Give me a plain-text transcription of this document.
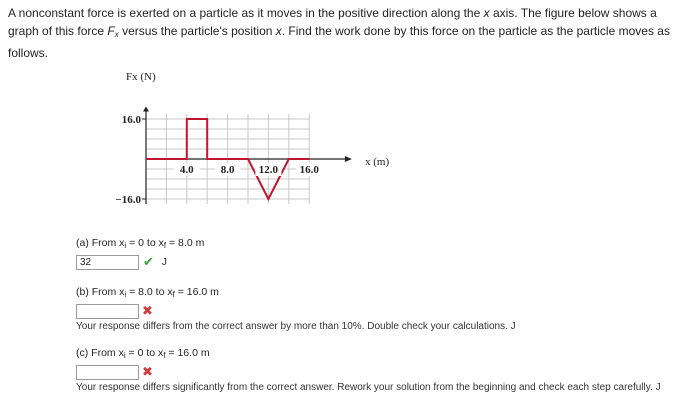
A nonconstant force is exerted on a particle as it moves in the positive direction along the x axis. The figure below shows a graph of this force $F_x$ versus the particle's position x. Find the work done by this force on the particle as the particle moves as follows.
Fx (N)
x (m)
16.0
−16.0
4.0 8.0 12.0 16.0
(a) From $x_i = 0$ to $x_f = 8.0$ m
32	✔ J
(b) From $x_i = 8.0$ to $x_f = 16.0$ m
✖
Your response differs from the correct answer by more than 10%. Double check your calculations. J
(c) From $x_i = 0$ to $x_f = 16.0$ m
✖
Your response differs significantly from the correct answer. Rework your solution from the beginning and check each step carefully. J
